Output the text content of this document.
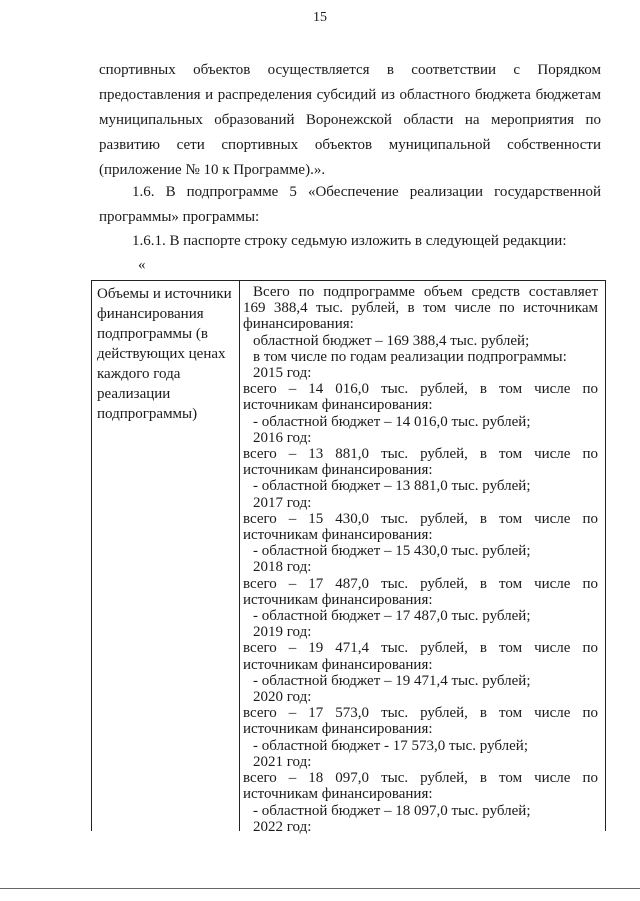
15
спортивных объектов осуществляется в соответствии с Порядком предоставления и распределения субсидий из областного бюджета бюджетам муниципальных образований Воронежской области на мероприятия по развитию сети спортивных объектов муниципальной собственности (приложение № 10 к Программе).».
1.6. В подпрограмме 5 «Обеспечение реализации государственной программы» программы:
1.6.1. В паспорте строку седьмую изложить в следующей редакции:
«
Объемы и источники финансирования подпрограммы (в действующих ценах каждого года реализации подпрограммы)
Всего по подпрограмме объем средств составляет
169 388,4 тыс. рублей, в том числе по источникам
финансирования:
областной бюджет – 169 388,4 тыс. рублей;
в том числе по годам реализации подпрограммы:
2015 год:
всего – 14 016,0 тыс. рублей, в том числе по
источникам финансирования:
- областной бюджет – 14 016,0 тыс. рублей;
2016 год:
всего – 13 881,0 тыс. рублей, в том числе по
источникам финансирования:
- областной бюджет – 13 881,0 тыс. рублей;
2017 год:
всего – 15 430,0 тыс. рублей, в том числе по
источникам финансирования:
- областной бюджет – 15 430,0 тыс. рублей;
2018 год:
всего – 17 487,0 тыс. рублей, в том числе по
источникам финансирования:
- областной бюджет – 17 487,0 тыс. рублей;
2019 год:
всего – 19 471,4 тыс. рублей, в том числе по
источникам финансирования:
- областной бюджет – 19 471,4 тыс. рублей;
2020 год:
всего – 17 573,0 тыс. рублей, в том числе по
источникам финансирования:
- областной бюджет - 17 573,0 тыс. рублей;
2021 год:
всего – 18 097,0 тыс. рублей, в том числе по
источникам финансирования:
- областной бюджет – 18 097,0 тыс. рублей;
2022 год:
